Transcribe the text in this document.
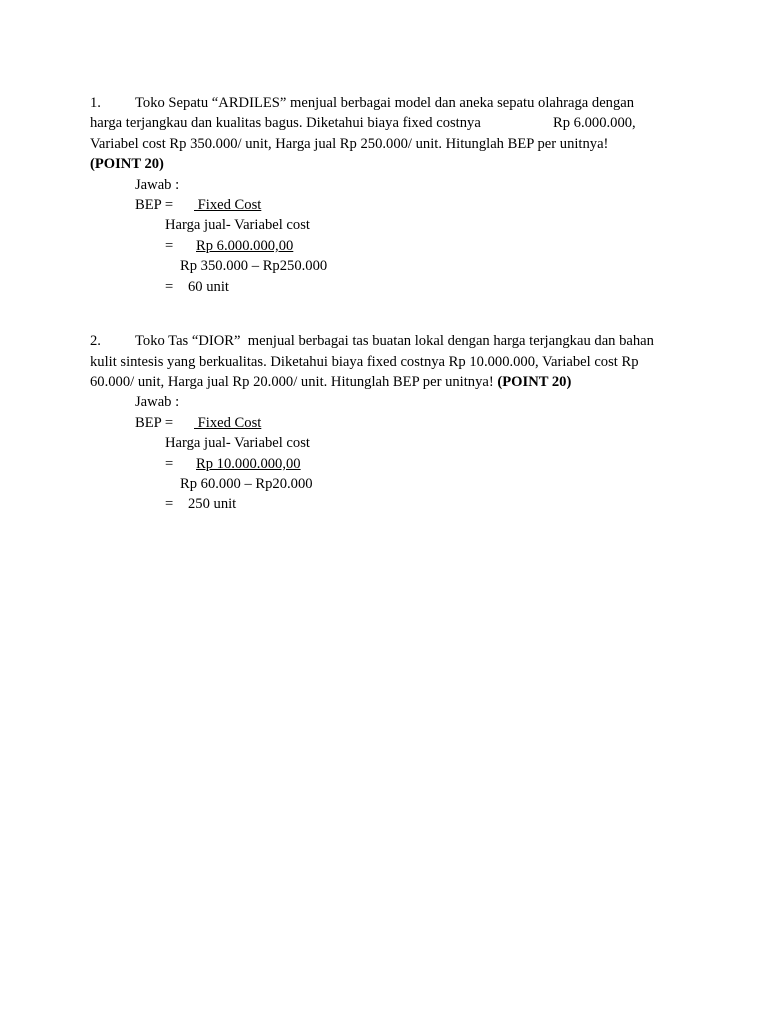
1. Toko Sepatu “ARDILES” menjual berbagai model dan aneka sepatu olahraga dengan
harga terjangkau dan kualitas bagus. Diketahui biaya fixed costnya	Rp 6.000.000,
Variabel cost Rp 350.000/ unit, Harga jual Rp 250.000/ unit. Hitunglah BEP per unitnya!
(POINT 20)
Jawab :
BEP = Fixed Cost
Harga jual- Variabel cost
= Rp 6.000.000,00
Rp 350.000 – Rp250.000
= 60 unit
2. Toko Tas “DIOR”  menjual berbagai tas buatan lokal dengan harga terjangkau dan bahan
kulit sintesis yang berkualitas. Diketahui biaya fixed costnya Rp 10.000.000, Variabel cost Rp
60.000/ unit, Harga jual Rp 20.000/ unit. Hitunglah BEP per unitnya! (POINT 20)
Jawab :
BEP = Fixed Cost
Harga jual- Variabel cost
= Rp 10.000.000,00
Rp 60.000 – Rp20.000
= 250 unit
